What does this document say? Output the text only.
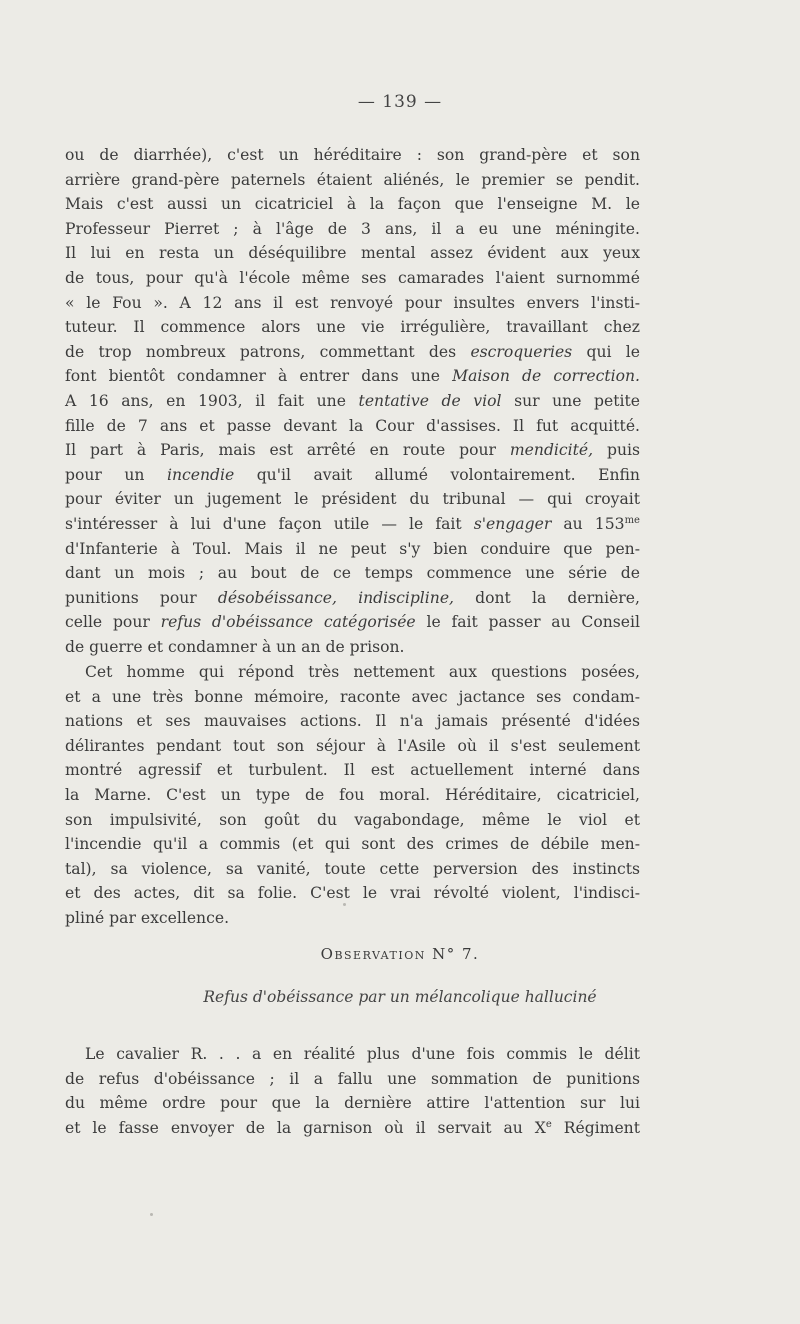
— 139 —
ou de diarrhée), c'est un héréditaire : son grand-père et son
arrière grand-père paternels étaient aliénés, le premier se pendit.
Mais c'est aussi un cicatriciel à la façon que l'enseigne M. le
Professeur Pierret ; à l'âge de 3 ans, il a eu une méningite.
Il lui en resta un déséquilibre mental assez évident aux yeux
de tous, pour qu'à l'école même ses camarades l'aient surnommé
« le Fou ». A 12 ans il est renvoyé pour insultes envers l'insti-
tuteur. Il commence alors une vie irrégulière, travaillant chez
de trop nombreux patrons, commettant des escroqueries qui le
font bientôt condamner à entrer dans une Maison de correction.
A 16 ans, en 1903, il fait une tentative de viol sur une petite
fille de 7 ans et passe devant la Cour d'assises. Il fut acquitté.
Il part à Paris, mais est arrêté en route pour mendicité, puis
pour un incendie qu'il avait allumé volontairement. Enfin
pour éviter un jugement le président du tribunal — qui croyait
s'intéresser à lui d'une façon utile — le fait s'engager au $153^{me}$
d'Infanterie à Toul. Mais il ne peut s'y bien conduire que pen-
dant un mois ; au bout de ce temps commence une série de
punitions pour désobéissance, indiscipline, dont la dernière,
celle pour refus d'obéissance catégorisée le fait passer au Conseil
de guerre et condamner à un an de prison.
Cet homme qui répond très nettement aux questions posées,
et a une très bonne mémoire, raconte avec jactance ses condam-
nations et ses mauvaises actions. Il n'a jamais présenté d'idées
délirantes pendant tout son séjour à l'Asile où il s'est seulement
montré agressif et turbulent. Il est actuellement interné dans
la Marne. C'est un type de fou moral. Héréditaire, cicatriciel,
son impulsivité, son goût du vagabondage, même le viol et
l'incendie qu'il a commis (et qui sont des crimes de débile men-
tal), sa violence, sa vanité, toute cette perversion des instincts
et des actes, dit sa folie. C'est le vrai révolté violent, l'indisci-
pliné par excellence.
Observation N° 7.
Refus d'obéissance par un mélancolique halluciné
Le cavalier R. . . a en réalité plus d'une fois commis le délit
de refus d'obéissance ; il a fallu une sommation de punitions
du même ordre pour que la dernière attire l'attention sur lui
et le fasse envoyer de la garnison où il servait au Xe Régiment
